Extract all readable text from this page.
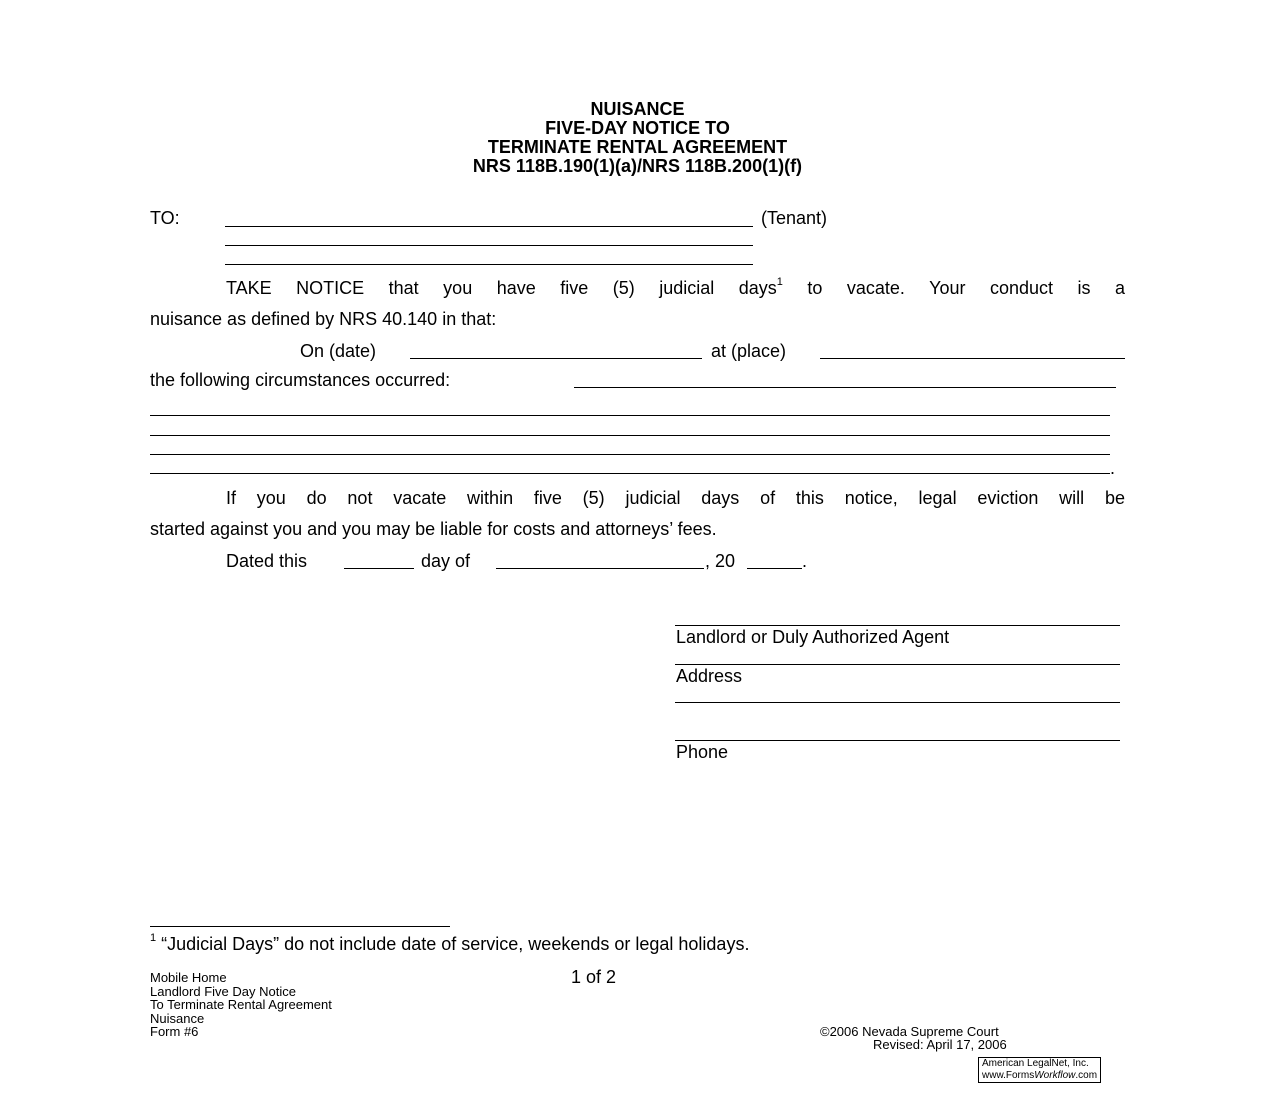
NUISANCE
FIVE-DAY NOTICE TO
TERMINATE RENTAL AGREEMENT
NRS 118B.190(1)(a)/NRS 118B.200(1)(f)
TO:	(Tenant)
TAKE NOTICE that you have five (5) judicial days$^1$ to vacate. Your conduct is a
nuisance as defined by NRS 40.140 in that:
On (date)	at (place)
the following circumstances occurred:
.
If you do not vacate within five (5) judicial days of this notice, legal eviction will be
started against you and you may be liable for costs and attorneys’ fees.
Dated this	day of	, 20	.
Landlord or Duly Authorized Agent
Address
Phone
$^1$ “Judicial Days” do not include date of service, weekends or legal holidays.
Mobile Home
Landlord Five Day Notice
To Terminate Rental Agreement
Nuisance
Form #6
1 of 2
©2006 Nevada Supreme Court
Revised: April 17, 2006
American LegalNet, Inc.
www.FormsWorkflow.com
